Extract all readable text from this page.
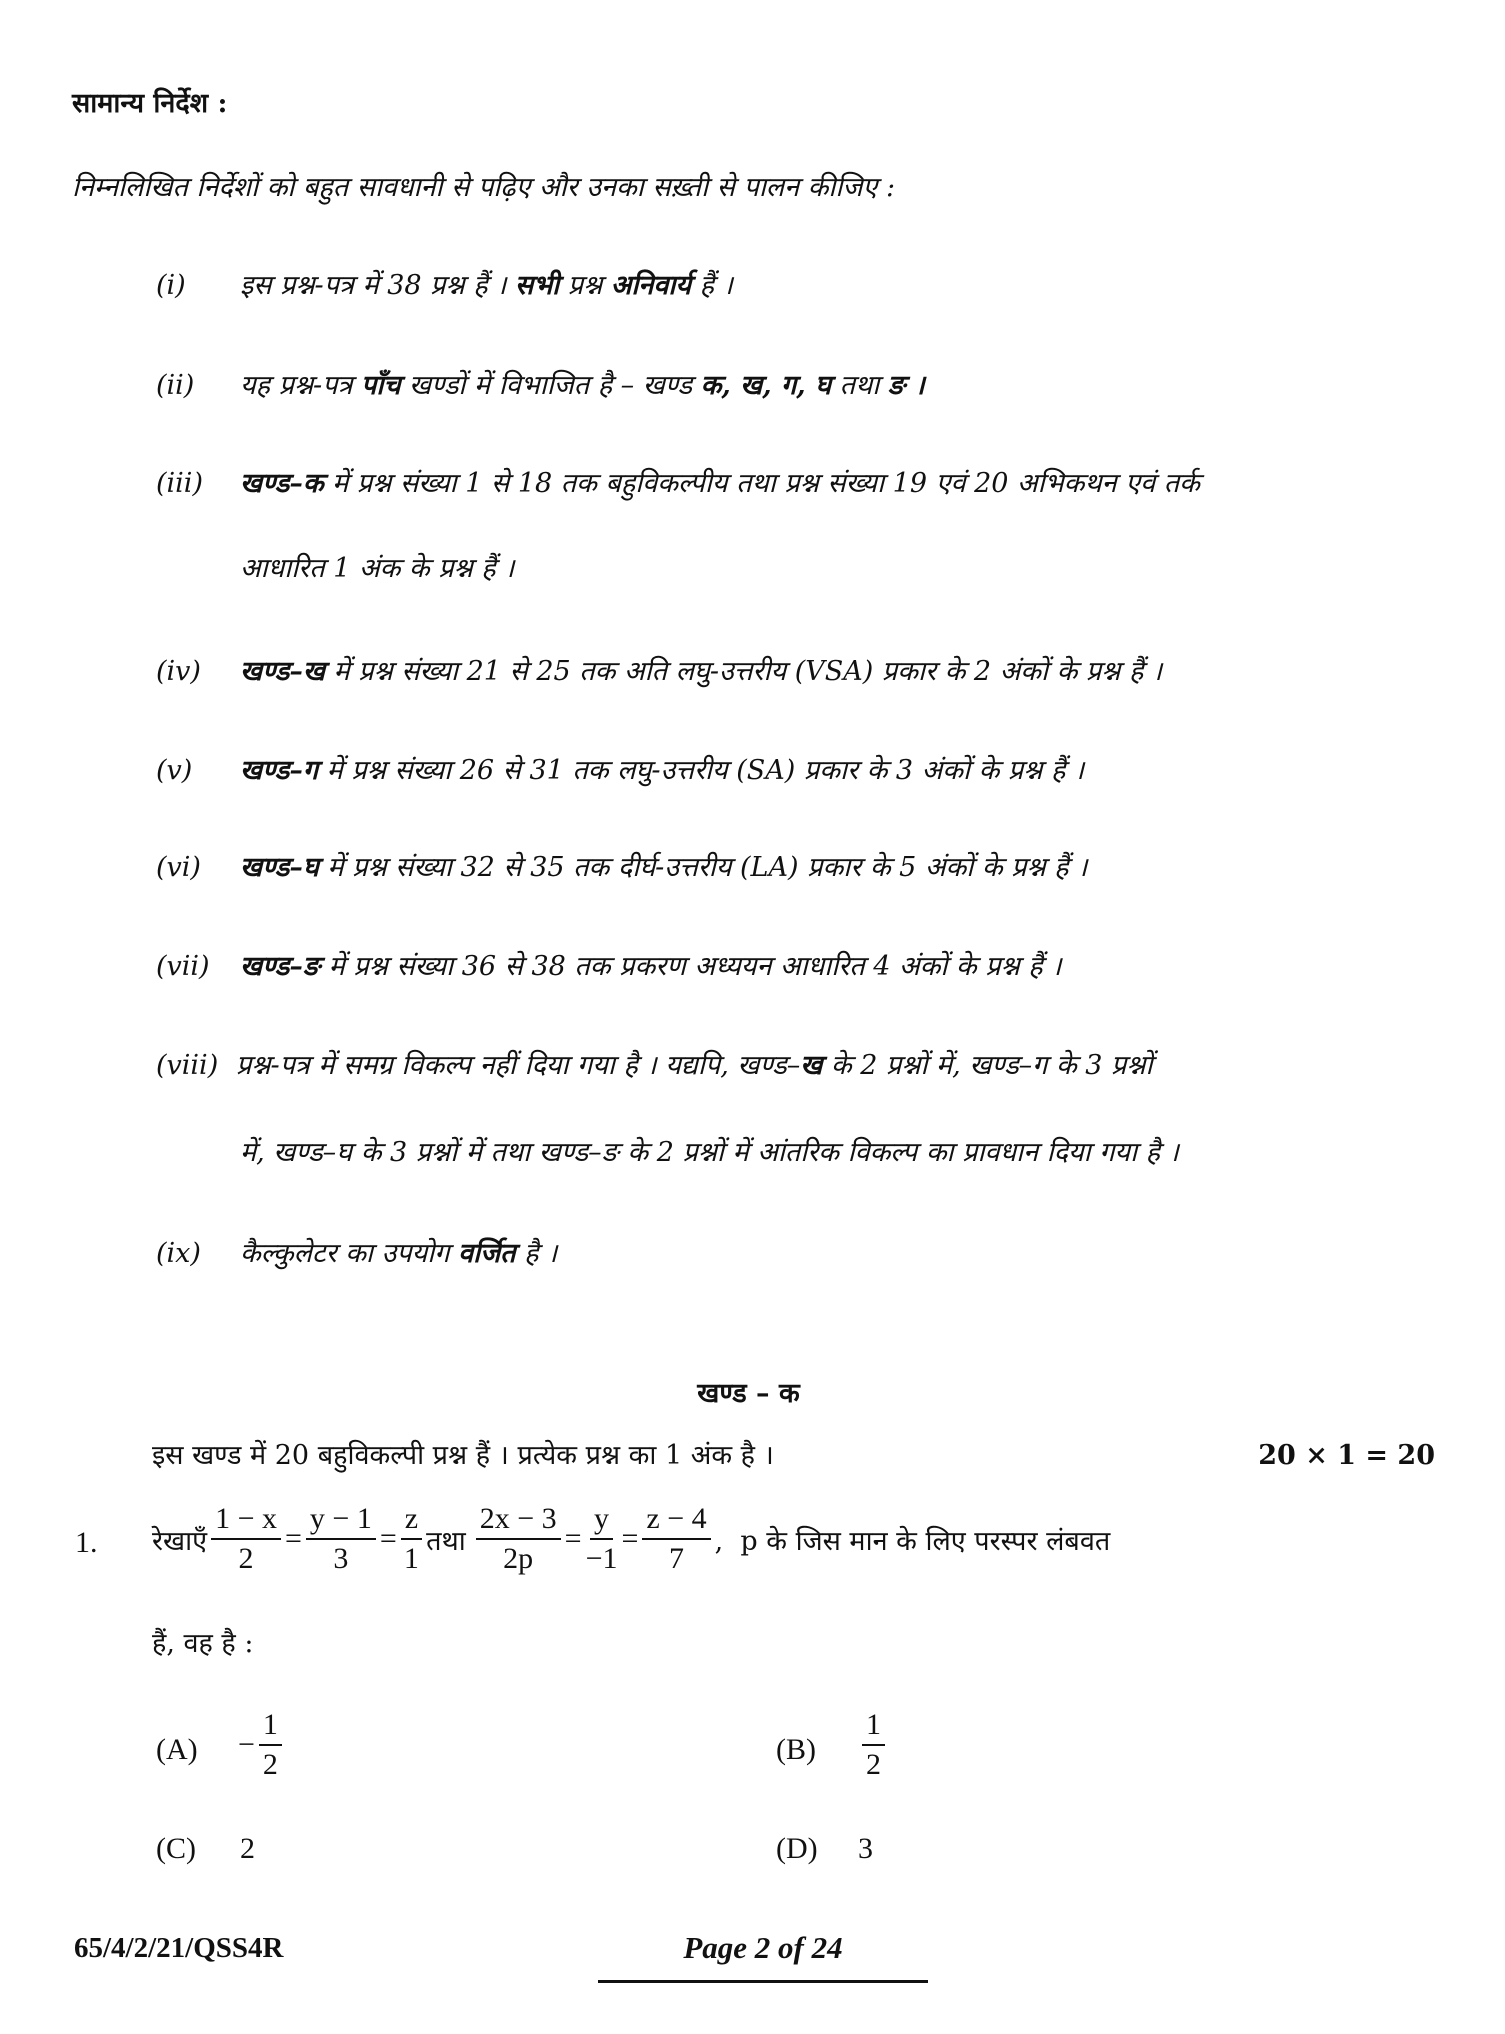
सामान्य निर्देश :
निम्नलिखित निर्देशों को बहुत सावधानी से पढ़िए और उनका सख़्ती से पालन कीजिए :
(i) इस प्रश्न-पत्र में 38 प्रश्न हैं । सभी प्रश्न अनिवार्य हैं ।
(ii) यह प्रश्न-पत्र पाँच खण्डों में विभाजित है – खण्ड क, ख, ग, घ तथा ङ ।
(iii) खण्ड–क में प्रश्न संख्या 1 से 18 तक बहुविकल्पीय तथा प्रश्न संख्या 19 एवं 20 अभिकथन एवं तर्क
आधारित 1 अंक के प्रश्न हैं ।
(iv) खण्ड–ख में प्रश्न संख्या 21 से 25 तक अति लघु-उत्तरीय (VSA) प्रकार के 2 अंकों के प्रश्न हैं ।
(v) खण्ड–ग में प्रश्न संख्या 26 से 31 तक लघु-उत्तरीय (SA) प्रकार के 3 अंकों के प्रश्न हैं ।
(vi) खण्ड–घ में प्रश्न संख्या 32 से 35 तक दीर्घ-उत्तरीय (LA) प्रकार के 5 अंकों के प्रश्न हैं ।
(vii) खण्ड–ङ में प्रश्न संख्या 36 से 38 तक प्रकरण अध्ययन आधारित 4 अंकों के प्रश्न हैं ।
(viii) प्रश्न-पत्र में समग्र विकल्प नहीं दिया गया है । यद्यपि, खण्ड–ख के 2 प्रश्नों में, खण्ड–ग के 3 प्रश्नों
में, खण्ड–घ के 3 प्रश्नों में तथा खण्ड–ङ के 2 प्रश्नों में आंतरिक विकल्प का प्रावधान दिया गया है ।
(ix) कैल्कुलेटर का उपयोग वर्जित है ।
खण्ड – क
इस खण्ड में 20 बहुविकल्पी प्रश्न हैं । प्रत्येक प्रश्न का 1 अंक है ।	20 × 1 = 20
1. रेखाएँ $\frac{1 - x}{2} = \frac{y - 1}{3} = \frac{z}{1}$ तथा $\frac{2x - 3}{2p} = \frac{y}{-1} = \frac{z - 4}{7}$ ,  p के जिस मान के लिए परस्पर लंबवत
हैं, वह है :
$(A) - \frac{1}{2}$	$(B) \frac{1}{2}$
(C) 2	(D) 3
65/4/2/21/QSS4R	Page 2 of 24
